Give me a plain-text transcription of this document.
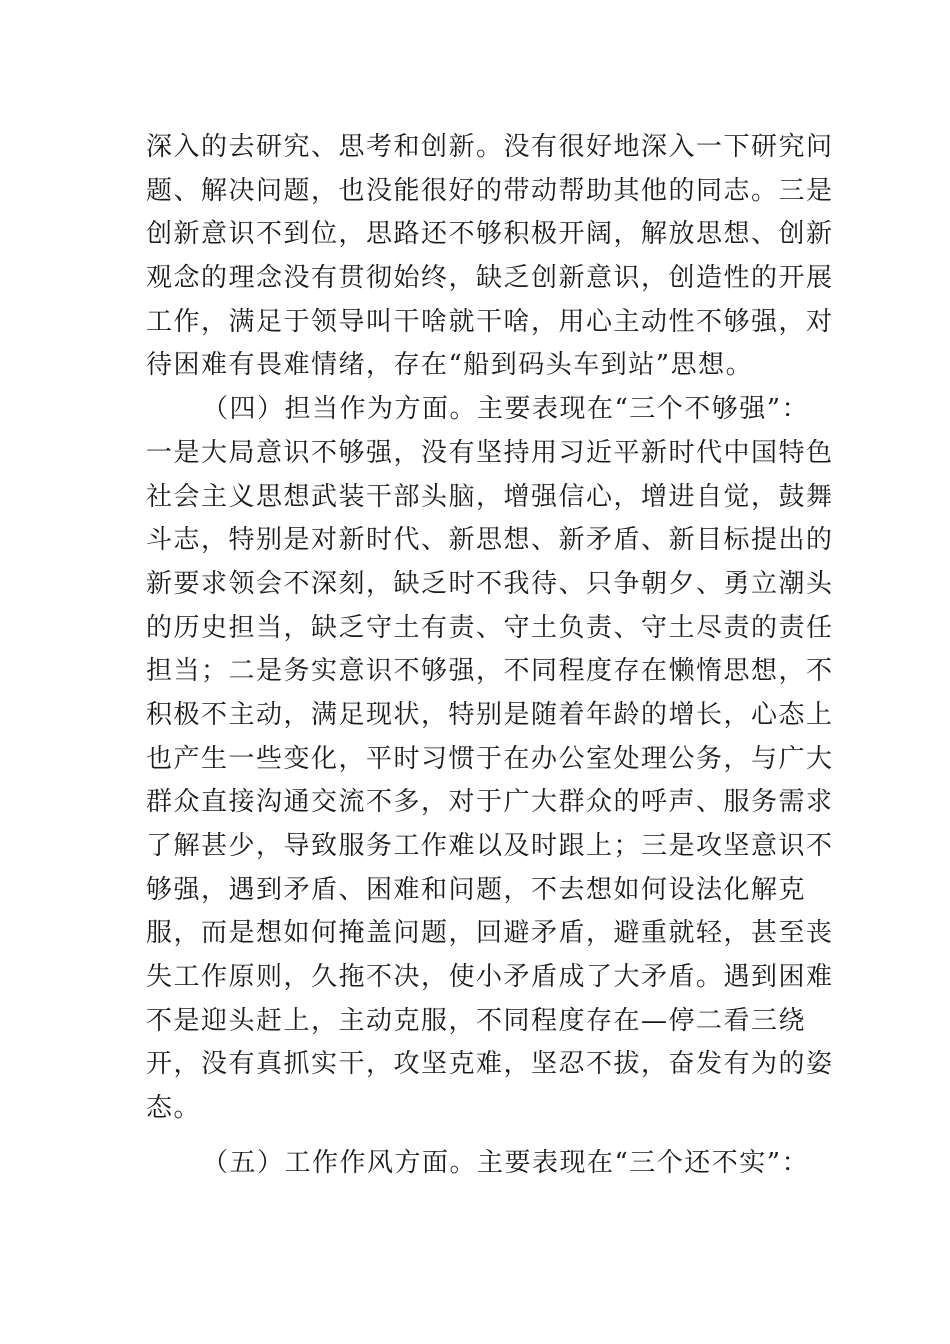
深入的去研究、思考和创新。没有很好地深入一下研究问
题、解决问题，也没能很好的带动帮助其他的同志。三是
创新意识不到位，思路还不够积极开阔，解放思想、创新
观念的理念没有贯彻始终，缺乏创新意识，创造性的开展
工作，满足于领导叫干啥就干啥，用心主动性不够强，对
待困难有畏难情绪，存在“船到码头车到站”思想。
（四）担当作为方面。主要表现在“三个不够强”：
一是大局意识不够强，没有坚持用习近平新时代中国特色
社会主义思想武装干部头脑，增强信心，增进自觉，鼓舞
斗志，特别是对新时代、新思想、新矛盾、新目标提出的
新要求领会不深刻，缺乏时不我待、只争朝夕、勇立潮头
的历史担当，缺乏守土有责、守土负责、守土尽责的责任
担当；二是务实意识不够强，不同程度存在懒惰思想，不
积极不主动，满足现状，特别是随着年龄的增长，心态上
也产生一些变化，平时习惯于在办公室处理公务，与广大
群众直接沟通交流不多，对于广大群众的呼声、服务需求
了解甚少，导致服务工作难以及时跟上；三是攻坚意识不
够强，遇到矛盾、困难和问题，不去想如何设法化解克
服，而是想如何掩盖问题，回避矛盾，避重就轻，甚至丧
失工作原则，久拖不决，使小矛盾成了大矛盾。遇到困难
不是迎头赶上，主动克服，不同程度存在—停二看三绕
开，没有真抓实干，攻坚克难，坚忍不拔，奋发有为的姿
态。
（五）工作作风方面。主要表现在“三个还不实”：
